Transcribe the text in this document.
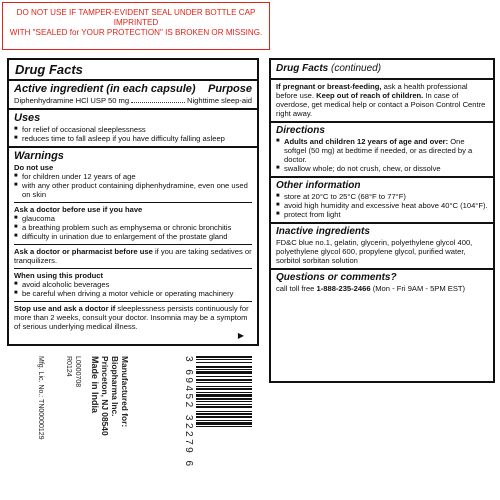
DO NOT USE IF TAMPER-EVIDENT SEAL UNDER BOTTLE CAP IMPRINTED
WITH "SEALED for YOUR PROTECTION" IS BROKEN OR MISSING.
Drug Facts
Active ingredient (in each capsule) Purpose
Diphenhydramine HCl USP 50 mg	Nighttime sleep-aid
Uses
■ for relief of occasional sleeplessness
■ reduces time to fall asleep if you have difficulty falling asleep
Warnings
Do not use
■ for children under 12 years of age
■ with any other product containing diphenhydramine, even one used on skin
Ask a doctor before use if you have
■ glaucoma
■ a breathing problem such as emphysema or chronic bronchitis
■ difficulty in urination due to enlargement of the prostate gland
Ask a doctor or pharmacist before use if you are taking sedatives or tranquilizers.
When using this product
■ avoid alcoholic beverages
■ be careful when driving a motor vehicle or operating machinery
Stop use and ask a doctor if sleeplessness persists continuously for more than 2 weeks, consult your doctor. Insomnia may be a symptom of serious underlying medical illness.
▶
Drug Facts (continued)
If pregnant or breast-feeding, ask a health professional before use. Keep out of reach of children. In case of overdose, get medical help or contact a Poison Control Centre right away.
Directions
■ Adults and children 12 years of age and over: One softgel (50 mg) at bedtime if needed, or as directed by a doctor.
■ swallow whole; do not crush, chew, or dissolve
Other information
■ store at 20°C to 25°C (68°F to 77°F)
■ avoid high humidity and excessive heat above 40°C (104°F).
■ protect from light
Inactive ingredients
FD&C blue no.1, gelatin, glycerin, polyethylene glycol 400, polyethylene glycol 600, propylene glycol, purified water, sorbitol sorbitan solution
Questions or comments?
call toll free 1-888-235-2466 (Mon - Fri 9AM - 5PM EST)
Manufactured for:
Biopharma Inc.
Princeton, NJ 08540
Made in India
L0000708
R0124
Mfg. Lic. No.: TN00000129	3 69452 32279 6
